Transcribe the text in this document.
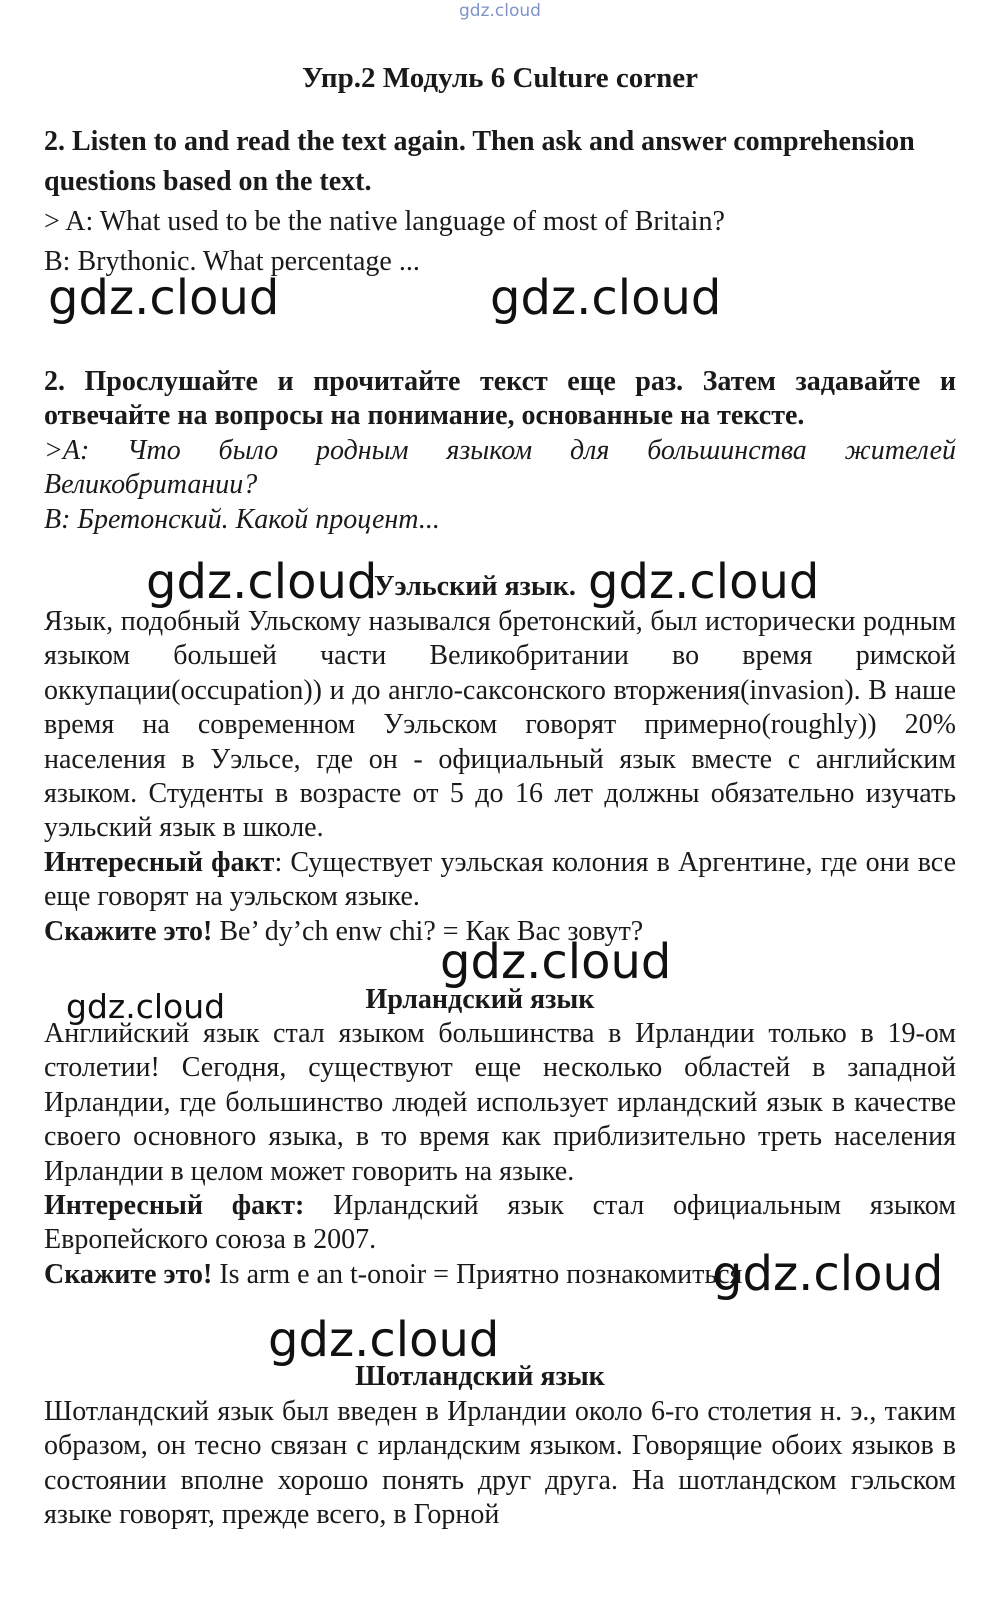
gdz.cloud
Упр.2 Модуль 6 Culture corner

2. Listen to and read the text again. Then ask and answer comprehension questions based on the text.

> A: What used to be the native language of most of Britain?

B: Brythonic. What percentage ...

gdz.cloud	gdz.cloud

2. Прослушайте и прочитайте текст еще раз. Затем задавайте и отвечайте на вопросы на понимание, основанные на тексте.

>А: Что было родным языком для большинства жителей Великобритании?

В: Бретонский. Какой процент...

gdz.cloud	gdz.cloud
Уэльский язык.

Язык, подобный Ульскому назывался бретонский, был исторически родным языком большей части Великобритании во время римской оккупации(occupation)) и до англо-саксонского вторжения(invasion). В наше время на современном Уэльском говорят примерно(roughly)) 20% населения в Уэльсе, где он - официальный язык вместе с английским языком. Студенты в возрасте от 5 до 16 лет должны обязательно изучать уэльский язык в школе.

Интересный факт: Существует уэльская колония в Аргентине, где они все еще говорят на уэльском языке.

Скажите это! Be’ dy’ch enw chi? = Как Вас зовут?

gdz.cloud
gdz.cloud	Ирландский язык

Английский язык стал языком большинства в Ирландии только в 19-ом столетии! Сегодня, существуют еще несколько областей в западной Ирландии, где большинство людей использует ирландский язык в качестве своего основного языка, в то время как приблизительно треть населения Ирландии в целом может говорить на языке.

Интересный факт: Ирландский язык стал официальным языком Европейского союза в 2007.

Скажите это! Is arm e an t-onoir = Приятно познакомиться

gdz.cloud
gdz.cloud
Шотландский язык

Шотландский язык был введен в Ирландии около 6-го столетия н. э., таким образом, он тесно связан с ирландским языком. Говорящие обоих языков в состоянии вполне хорошо понять друг друга. На шотландском гэльском языке говорят, прежде всего, в Горной
